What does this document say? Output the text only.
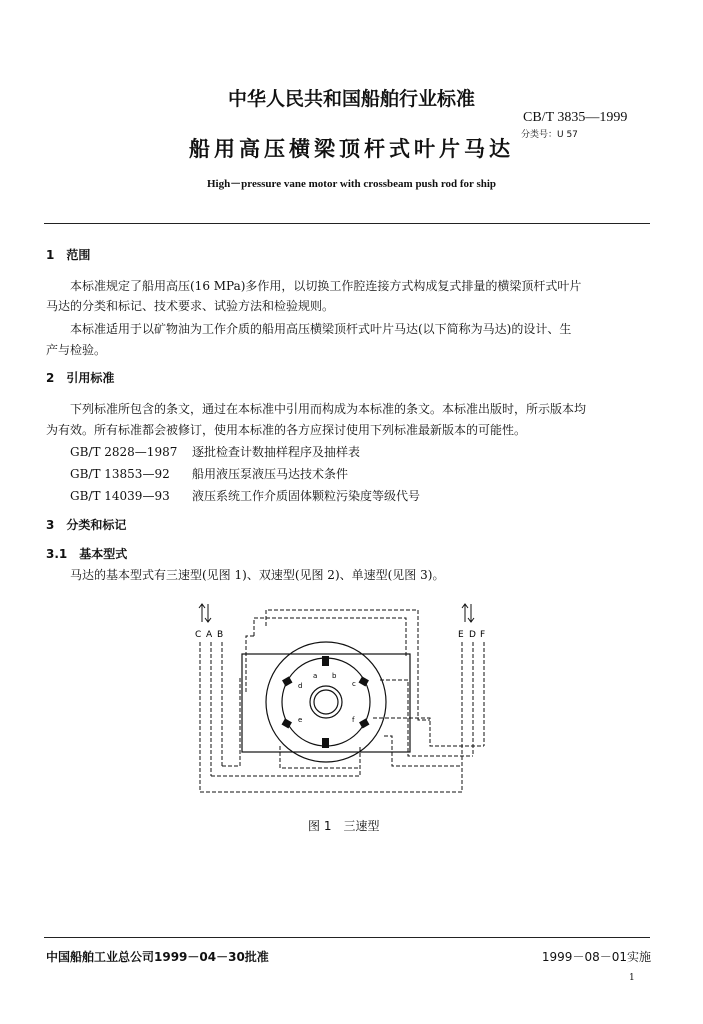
中华人民共和国船舶行业标准
CB/T 3835—1999
分类号：U 57
船用高压横梁顶杆式叶片马达
High－pressure vane motor with crossbeam push rod for ship
1　范围
本标准规定了船用高压(16 MPa)多作用，以切换工作腔连接方式构成复式排量的横梁顶杆式叶片
马达的分类和标记、技术要求、试验方法和检验规则。
本标准适用于以矿物油为工作介质的船用高压横梁顶杆式叶片马达(以下简称为马达)的设计、生
产与检验。
2　引用标准
下列标准所包含的条文，通过在本标准中引用而构成为本标准的条文。本标准出版时，所示版本均
为有效。所有标准都会被修订，使用本标准的各方应探讨使用下列标准最新版本的可能性。
GB/T 2828—1987 逐批检查计数抽样程序及抽样表
GB/T 13853—92 船用液压泵液压马达技术条件
GB/T 14039—93 液压系统工作介质固体颗粒污染度等级代号
3　分类和标记
3.1　基本型式
马达的基本型式有三速型(见图 1)、双速型(见图 2)、单速型(见图 3)。
C A B	E D F
a b
c
d
e	f
图 1　三速型
中国船舶工业总公司1999－04－30批准	1999－08－01实施
1
